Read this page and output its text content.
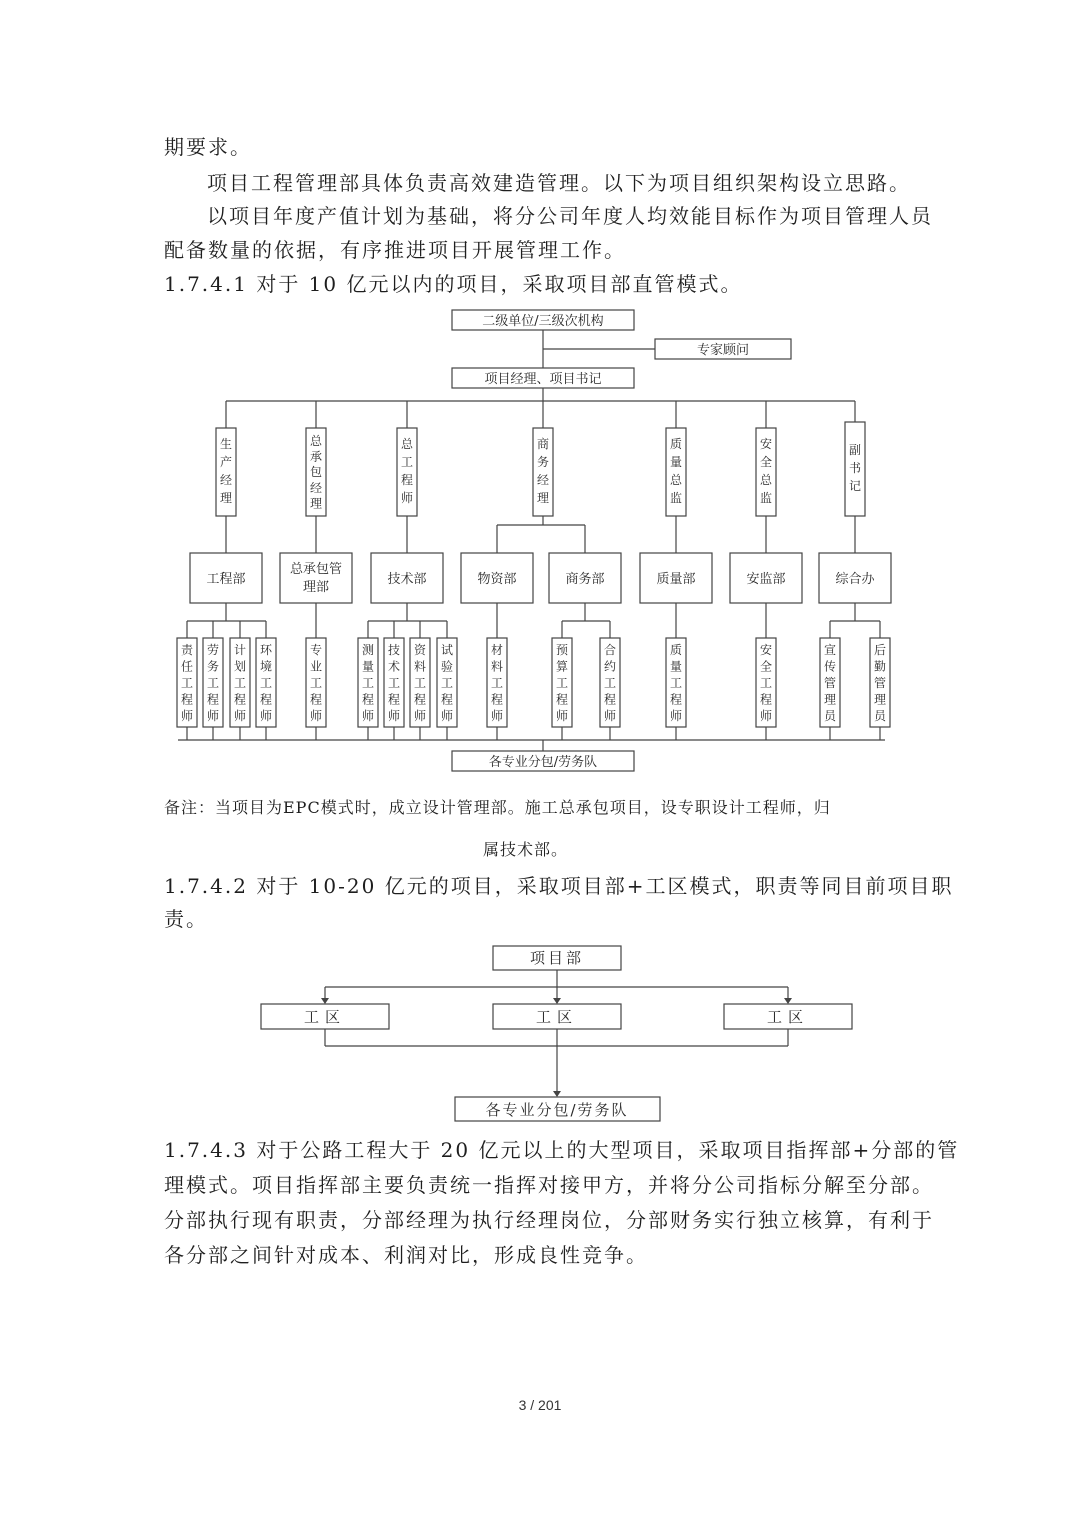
期要求。
项目工程管理部具体负责高效建造管理。以下为项目组织架构设立思路。
以项目年度产值计划为基础，将分公司年度人均效能目标作为项目管理人员
配备数量的依据，有序推进项目开展管理工作。
1.7.4.1 对于 10 亿元以内的项目，采取项目部直管模式。
二级单位/三级次机构
专家顾问
项目经理、项目书记
生产经理
总承包经理
总工程师
商务经理
质量总监
安全总监
副书记
工程部
总承包管
理部
技术部	物资部	商务部	质量部	安监部	综合办
责任工程师
劳务工程师
计划工程师
环境工程师
专业工程师
测量工程师
技术工程师
资料工程师
试验工程师
材料工程师
预算工程师
合约工程师
质量工程师
安全工程师
宣传管理员
后勤管理员
各专业分包/劳务队
项目部
工区	工区	工区
各专业分包/劳务队
备注：当项目为EPC模式时，成立设计管理部。施工总承包项目，设专职设计工程师，归
属技术部。
1.7.4.2 对于 10-20 亿元的项目，采取项目部+工区模式，职责等同目前项目职
责。
1.7.4.3 对于公路工程大于 20 亿元以上的大型项目，采取项目指挥部+分部的管
理模式。项目指挥部主要负责统一指挥对接甲方，并将分公司指标分解至分部。
分部执行现有职责，分部经理为执行经理岗位，分部财务实行独立核算，有利于
各分部之间针对成本、利润对比，形成良性竞争。
3 / 201
